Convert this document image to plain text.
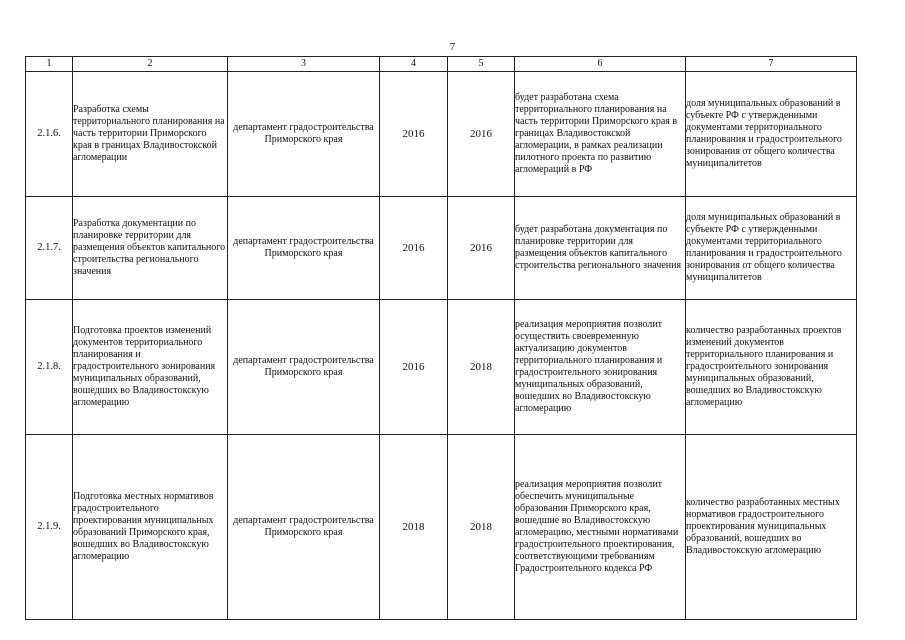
7
1	2	3	4	5	6	7
2.1.6.	Разработка схемы территориального планирования на часть территории Приморского края в границах Владивостокской агломерации	департамент градостроительства Приморского края	2016	2016	будет разработана схема территориального планирования на часть территории Приморского края в границах Владивостокской агломерации, в рамках реализации пилотного проекта по развитию агломераций в РФ	доля муниципальных образований в субъекте РФ с утвержденными документами территориального планирования и градостроительного зонирования от общего количества муниципалитетов
2.1.7.	Разработка документации по планировке территории для размещения объектов капитального строительства регионального значения	департамент градостроительства Приморского края	2016	2016	будет разработана документация по планировке территории для размещения объектов капитального строительства регионального значения	доля муниципальных образований в субъекте РФ с утвержденными документами территориального планирования и градостроительного зонирования от общего количества муниципалитетов
2.1.8.	Подготовка проектов изменений документов территориального планирования и градостроительного зонирования муниципальных образований, вошедших во Владивостокскую агломерацию	департамент градостроительства Приморского края	2016	2018	реализация мероприятия позволит осуществить своевременную актуализацию документов территориального планирования и градостроительного зонирования муниципальных образований, вошедших во Владивостокскую агломерацию	количество разработанных проектов изменений документов территориального планирования и градостроительного зонирования муниципальных образований, вошедших во Владивостокскую агломерацию
2.1.9.	Подготовка местных нормативов градостроительного проектирования муниципальных образований Приморского края, вошедших во Владивостокскую агломерацию	департамент градостроительства Приморского края	2018	2018	реализация мероприятия позволит обеспечить муниципальные образования Приморского края, вошедшие во Владивостокскую агломерацию, местными нормативами градостроительного проектирования, соответствующими требованиям Градостроительного кодекса РФ	количество разработанных местных нормативов градостроительного проектирования муниципальных образований, вошедших во Владивостокскую агломерацию
